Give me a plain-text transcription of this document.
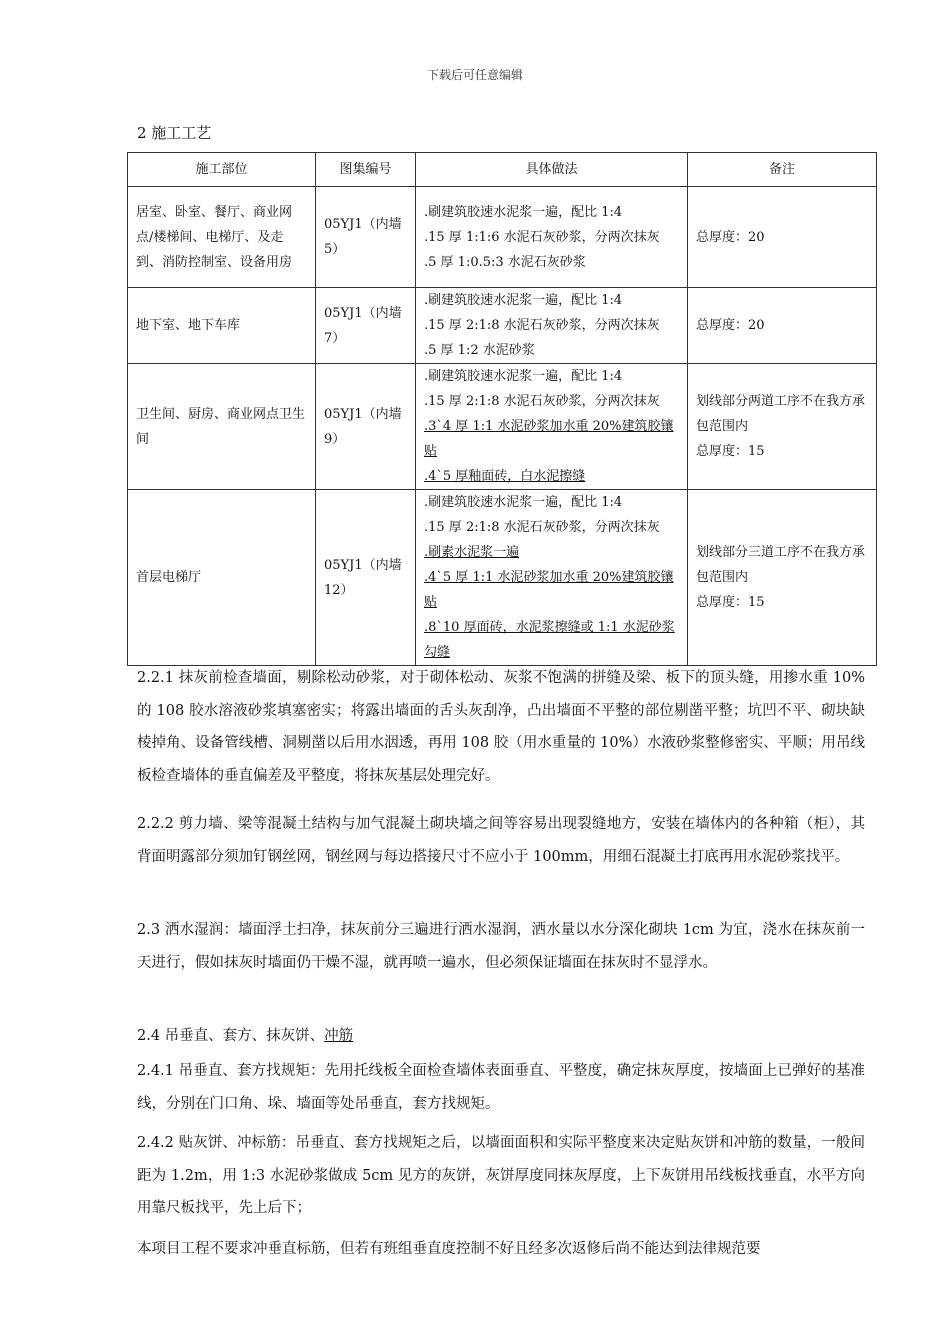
下载后可任意编辑
2 施工工艺
施工部位	图集编号	具体做法	备注
居室、卧室、餐厅、商业网点/楼梯间、电梯厅、及走到、消防控制室、设备用房	05YJ1（内墙5）	.刷建筑胶速水泥浆一遍，配比 1:4
.15 厚 1:1:6 水泥石灰砂浆，分两次抹灰
.5 厚 1:0.5:3 水泥石灰砂浆	总厚度：20

地下室、地下车库	05YJ1（内墙7）	.刷建筑胶速水泥浆一遍，配比 1:4
.15 厚 2:1:8 水泥石灰砂浆，分两次抹灰
.5 厚 1:2 水泥砂浆	总厚度：20

卫生间、厨房、商业网点卫生间	05YJ1（内墙9）	.刷建筑胶速水泥浆一遍，配比 1:4
.15 厚 2:1:8 水泥石灰砂浆，分两次抹灰
.3`4 厚 1:1 水泥砂浆加水重 20%建筑胶镶贴
.4`5 厚釉面砖，白水泥擦缝	划线部分两道工序不在我方承包范围内
总厚度：15

首层电梯厅	05YJ1（内墙12）	.刷建筑胶速水泥浆一遍，配比 1:4
.15 厚 2:1:8 水泥石灰砂浆，分两次抹灰
.刷素水泥浆一遍
.4`5 厚 1:1 水泥砂浆加水重 20%建筑胶镶贴
.8`10 厚面砖，水泥浆擦缝或 1:1 水泥砂浆勾缝	划线部分三道工序不在我方承包范围内
总厚度：15
2.2.1 抹灰前检查墙面，剔除松动砂浆，对于砌体松动、灰浆不饱满的拼缝及梁、板下的顶头缝，用掺水重 10%的 108 胶水溶液砂浆填塞密实；将露出墙面的舌头灰刮净，凸出墙面不平整的部位剔凿平整；坑凹不平、砌块缺棱掉角、设备管线槽、洞剔凿以后用水洇透，再用 108 胶（用水重量的 10%）水液砂浆整修密实、平顺；用吊线板检查墙体的垂直偏差及平整度，将抹灰基层处理完好。
2.2.2 剪力墙、梁等混凝土结构与加气混凝土砌块墙之间等容易出现裂缝地方，安装在墙体内的各种箱（柜），其背面明露部分须加钉钢丝网，钢丝网与每边搭接尺寸不应小于 100mm，用细石混凝土打底再用水泥砂浆找平。
2.3 洒水湿润：墙面浮土扫净，抹灰前分三遍进行洒水湿润，洒水量以水分深化砌块 1cm 为宜，浇水在抹灰前一天进行，假如抹灰时墙面仍干燥不湿，就再喷一遍水，但必须保证墙面在抹灰时不显浮水。
2.4 吊垂直、套方、抹灰饼、冲筋
2.4.1 吊垂直、套方找规矩：先用托线板全面检查墙体表面垂直、平整度，确定抹灰厚度，按墙面上已弹好的基准线，分别在门口角、垛、墙面等处吊垂直，套方找规矩。
2.4.2 贴灰饼、冲标筋：吊垂直、套方找规矩之后，以墙面面积和实际平整度来决定贴灰饼和冲筋的数量，一般间距为 1.2m，用 1:3 水泥砂浆做成 5cm 见方的灰饼，灰饼厚度同抹灰厚度，上下灰饼用吊线板找垂直，水平方向用靠尺板找平，先上后下；
本项目工程不要求冲垂直标筋，但若有班组垂直度控制不好且经多次返修后尚不能达到法律规范要
